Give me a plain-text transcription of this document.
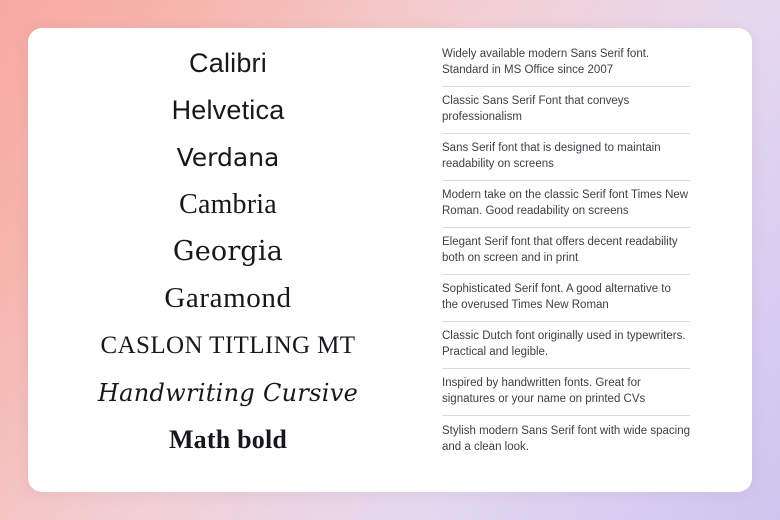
Calibri
Helvetica
Verdana
Cambria
Georgia
Garamond
CASLON TITLING MT
Handwriting Cursive
Math bold
Widely available modern Sans Serif font. Standard in MS Office since 2007
Classic Sans Serif Font that conveys professionalism
Sans Serif font that is designed to maintain readability on screens
Modern take on the classic Serif font Times New Roman. Good readability on screens
Elegant Serif font that offers decent readability both on screen and in print
Sophisticated Serif font. A good alternative to the overused Times New Roman
Classic Dutch font originally used in typewriters. Practical and legible.
Inspired by handwritten fonts. Great for signatures or your name on printed CVs
Stylish modern Sans Serif font with wide spacing and a clean look.
